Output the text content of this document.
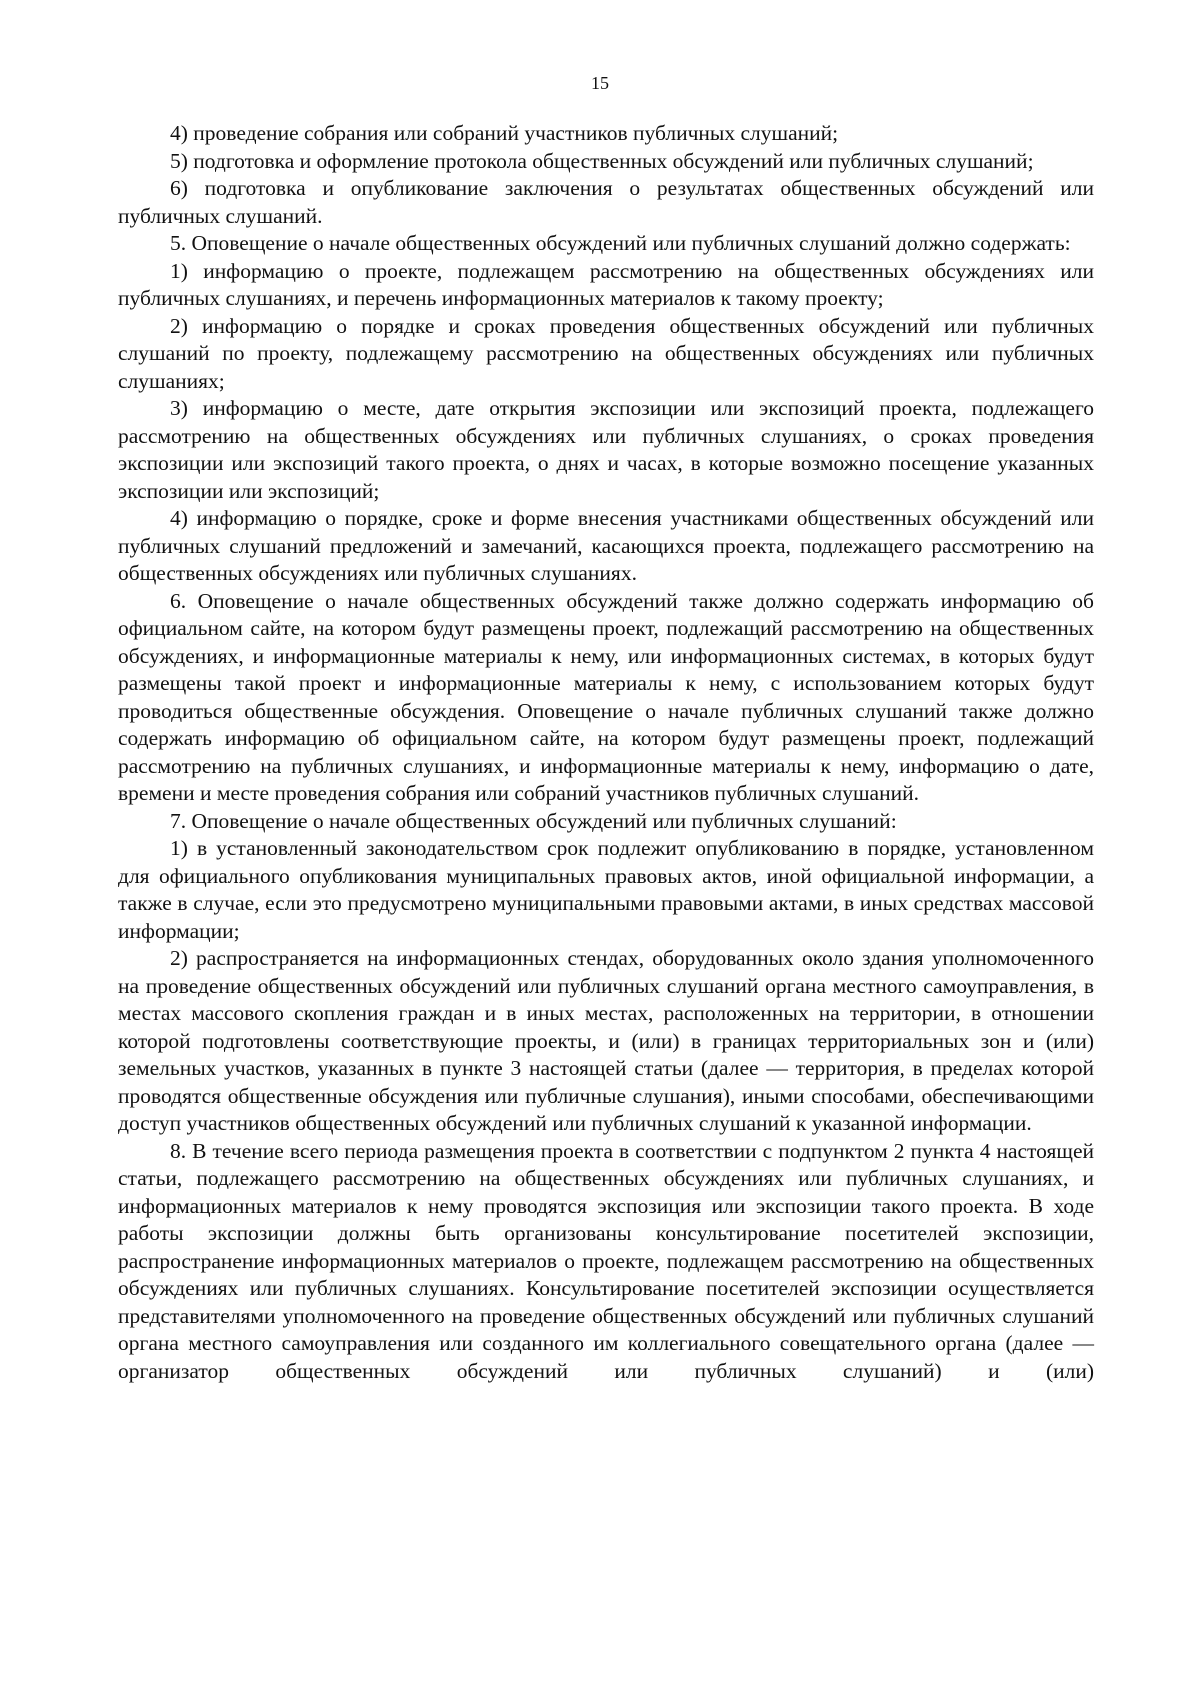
15

4) проведение собрания или собраний участников публичных слушаний;

5) подготовка и оформление протокола общественных обсуждений или публичных слушаний;

6) подготовка и опубликование заключения о результатах общественных обсуждений или публичных слушаний.

5. Оповещение о начале общественных обсуждений или публичных слушаний должно содержать:

1) информацию о проекте, подлежащем рассмотрению на общественных обсуждениях или публичных слушаниях, и перечень информационных материалов к такому проекту;

2) информацию о порядке и сроках проведения общественных обсуждений или публичных слушаний по проекту, подлежащему рассмотрению на общественных обсуждениях или публичных слушаниях;

3) информацию о месте, дате открытия экспозиции или экспозиций проекта, подлежащего рассмотрению на общественных обсуждениях или публичных слушаниях, о сроках проведения экспозиции или экспозиций такого проекта, о днях и часах, в которые возможно посещение указанных экспозиции или экспозиций;

4) информацию о порядке, сроке и форме внесения участниками общественных обсуждений или публичных слушаний предложений и замечаний, касающихся проекта, подлежащего рассмотрению на общественных обсуждениях или публичных слушаниях.

6. Оповещение о начале общественных обсуждений также должно содержать информацию об официальном сайте, на котором будут размещены проект, подлежащий рассмотрению на общественных обсуждениях, и информационные материалы к нему, или информационных системах, в которых будут размещены такой проект и информационные материалы к нему, с использованием которых будут проводиться общественные обсуждения. Оповещение о начале публичных слушаний также должно содержать информацию об официальном сайте, на котором будут размещены проект, подлежащий рассмотрению на публичных слушаниях, и информационные материалы к нему, информацию о дате, времени и месте проведения собрания или собраний участников публичных слушаний.

7. Оповещение о начале общественных обсуждений или публичных слушаний:

1) в установленный законодательством срок подлежит опубликованию в порядке, установленном для официального опубликования муниципальных правовых актов, иной официальной информации, а также в случае, если это предусмотрено муниципальными правовыми актами, в иных средствах массовой информации;

2) распространяется на информационных стендах, оборудованных около здания уполномоченного на проведение общественных обсуждений или публичных слушаний органа местного самоуправления, в местах массового скопления граждан и в иных местах, расположенных на территории, в отношении которой подготовлены соответствующие проекты, и (или) в границах территориальных зон и (или) земельных участков, указанных в пункте 3 настоящей статьи (далее — территория, в пределах которой проводятся общественные обсуждения или публичные слушания), иными способами, обеспечивающими доступ участников общественных обсуждений или публичных слушаний к указанной информации.

8. В течение всего периода размещения проекта в соответствии с подпунктом 2 пункта 4 настоящей статьи, подлежащего рассмотрению на общественных обсуждениях или публичных слушаниях, и информационных материалов к нему проводятся экспозиция или экспозиции такого проекта. В ходе работы экспозиции должны быть организованы консультирование посетителей экспозиции, распространение информационных материалов о проекте, подлежащем рассмотрению на общественных обсуждениях или публичных слушаниях. Консультирование посетителей экспозиции осуществляется представителями уполномоченного на проведение общественных обсуждений или публичных слушаний органа местного самоуправления или созданного им коллегиального совещательного органа (далее — организатор общественных обсуждений или публичных слушаний) и (или)
